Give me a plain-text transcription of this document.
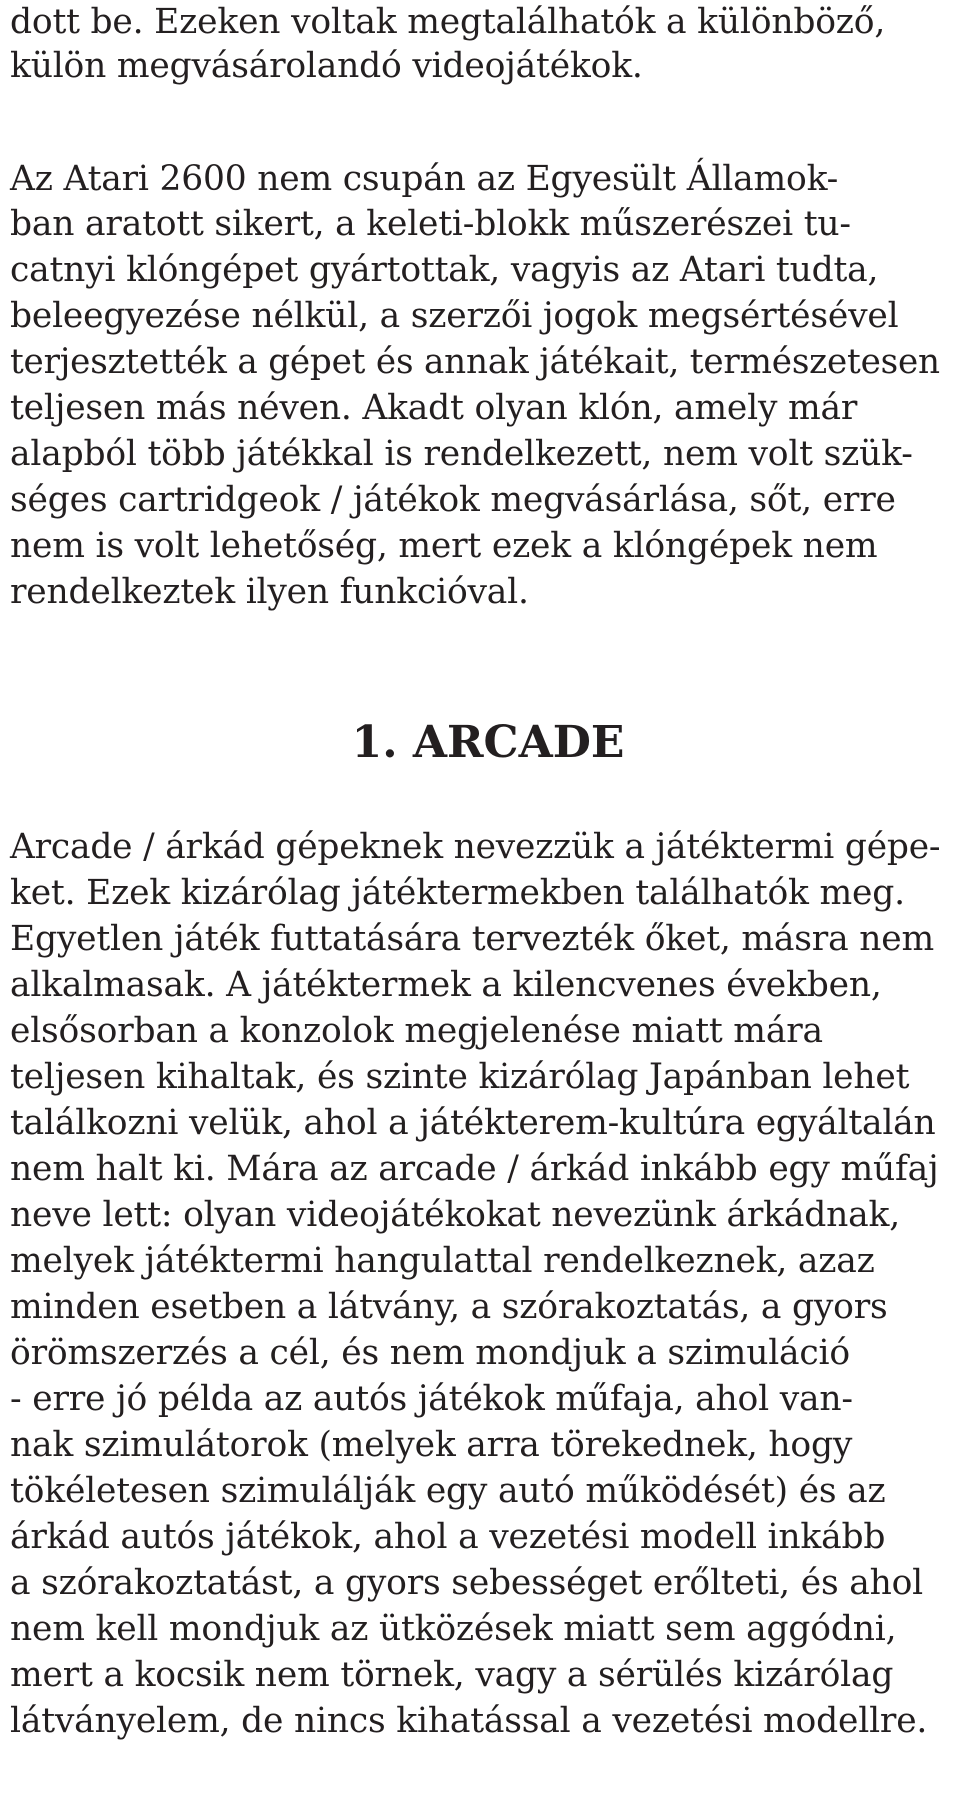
dott be. Ezeken voltak megtalálhatók a különböző,
külön megvásárolandó videojátékok.
Az Atari 2600 nem csupán az Egyesült Államok-
ban aratott sikert, a keleti-blokk műszerészei tu-
catnyi klóngépet gyártottak, vagyis az Atari tudta,
beleegyezése nélkül, a szerzői jogok megsértésével
terjesztették a gépet és annak játékait, természetesen
teljesen más néven. Akadt olyan klón, amely már
alapból több játékkal is rendelkezett, nem volt szük-
séges cartridgeok / játékok megvásárlása, sőt, erre
nem is volt lehetőség, mert ezek a klóngépek nem
rendelkeztek ilyen funkcióval.
1. ARCADE
Arcade / árkád gépeknek nevezzük a játéktermi gépe-
ket. Ezek kizárólag játéktermekben találhatók meg.
Egyetlen játék futtatására tervezték őket, másra nem
alkalmasak. A játéktermek a kilencvenes években,
elsősorban a konzolok megjelenése miatt mára
teljesen kihaltak, és szinte kizárólag Japánban lehet
találkozni velük, ahol a játékterem-kultúra egyáltalán
nem halt ki. Mára az arcade / árkád inkább egy műfaj
neve lett: olyan videojátékokat nevezünk árkádnak,
melyek játéktermi hangulattal rendelkeznek, azaz
minden esetben a látvány, a szórakoztatás, a gyors
örömszerzés a cél, és nem mondjuk a szimuláció
- erre jó példa az autós játékok műfaja, ahol van-
nak szimulátorok (melyek arra törekednek, hogy
tökéletesen szimulálják egy autó működését) és az
árkád autós játékok, ahol a vezetési modell inkább
a szórakoztatást, a gyors sebességet erőlteti, és ahol
nem kell mondjuk az ütközések miatt sem aggódni,
mert a kocsik nem törnek, vagy a sérülés kizárólag
látványelem, de nincs kihatással a vezetési modellre.
